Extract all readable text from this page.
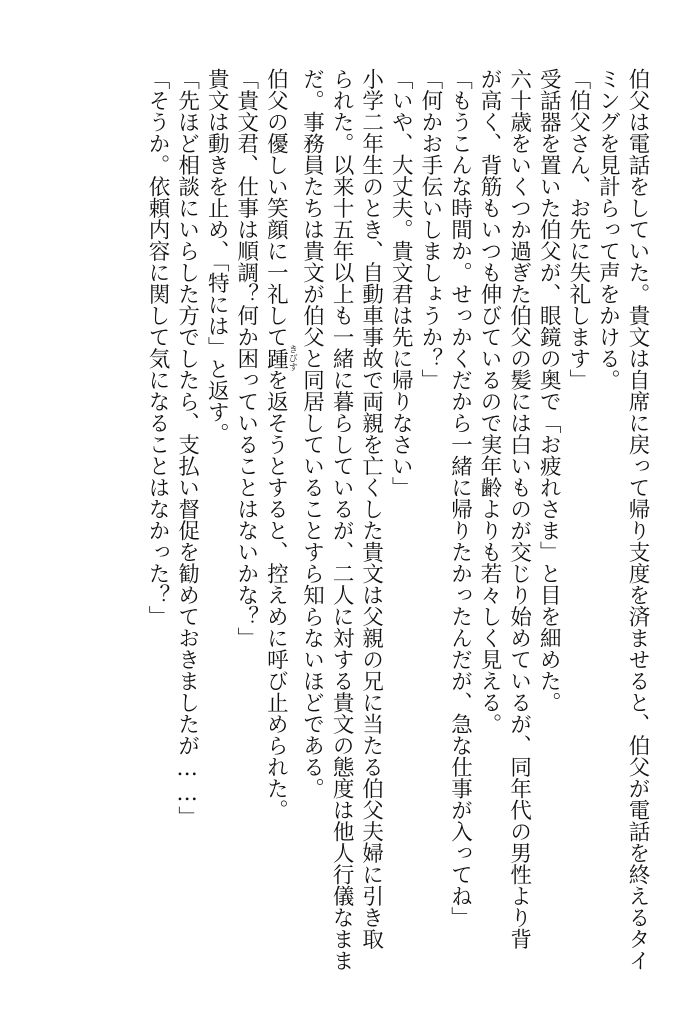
伯父は電話をしていた。貴文は自席に戻って帰り支度を済ませると、伯父が電話を終えるタイ

ミングを見計らって声をかける。

「伯父さん、お先に失礼します」

受話器を置いた伯父が、眼鏡の奥で「お疲れさま」と目を細めた。

六十歳をいくつか過ぎた伯父の髪には白いものが交じり始めているが、同年代の男性より背

が高く、背筋もいつも伸びているので実年齢よりも若々しく見える。

「もうこんな時間か。せっかくだから一緒に帰りたかったんだが、急な仕事が入ってね」

「何かお手伝いしましょうか？」

「いや、大丈夫。貴文君は先に帰りなさい」

小学二年生のとき、自動車事故で両親を亡くした貴文は父親の兄に当たる伯父夫婦に引き取

られた。以来十五年以上も一緒に暮らしているが、二人に対する貴文の態度は他人行儀なまま

だ。事務員たちは貴文が伯父と同居していることすら知らないほどである。

伯父の優しい笑顔に一礼して踵きびすを返そうとすると、控えめに呼び止められた。

「貴文君、仕事は順調？何か困っていることはないかな？」

貴文は動きを止め、「特には」と返す。

「先ほど相談にいらした方でしたら、支払い督促を勧めておきましたが……」

「そうか。依頼内容に関して気になることはなかった？」
